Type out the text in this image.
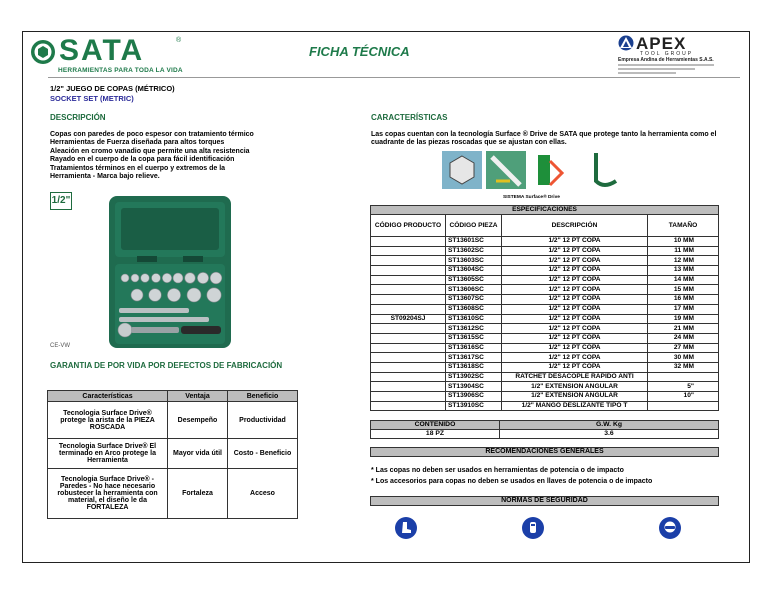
SATA	®
HERRAMIENTAS PARA TODA LA VIDA
FICHA TÉCNICA	APEX
TOOL GROUP
Empresa Andina de Herramientas S.A.S.
1/2" JUEGO DE COPAS (MÉTRICO)
SOCKET SET (METRIC)
DESCRIPCIÓN
Copas con paredes de poco espesor con tratamiento térmico
Herramientas de Fuerza diseñada para altos torques
Aleación en cromo vanadio que permite una alta resistencia
Rayado en el cuerpo de la copa para fácil identificación
Tratamientos términos en el cuerpo y extremos de la
Herramienta - Marca bajo relieve.
1/2"
CE-VW
GARANTIA DE POR VIDA POR DEFECTOS DE FABRICACIÓN
Características	Ventaja	Beneficio
Tecnologia Surface Drive® protege la arista de la PIEZA ROSCADA	Desempeño	Productividad
Tecnologia Surface Drive® El terminado en Arco protege la Herramienta	Mayor vida útil	Costo - Beneficio
Tecnologia Surface Drive® - Paredes - No hace necesario robustecer la herramienta con material, el diseño le da FORTALEZA	Fortaleza	Acceso
CARACTERÍSTICAS
Las copas cuentan con la tecnología Surface ® Drive de SATA que protege tanto la herramienta como el cuadrante de las piezas roscadas que se ajustan con ellas.
SISTEMA Surface® Drive
ESPECIFICACIONES			
CÓDIGO PRODUCTO	CÓDIGO PIEZA	DESCRIPCIÓN	TAMAÑO
	ST13601SC	1/2" 12 PT COPA	10 MM
	ST13602SC	1/2" 12 PT COPA	11 MM
	ST13603SC	1/2" 12 PT COPA	12 MM
	ST13604SC	1/2" 12 PT COPA	13 MM
	ST13605SC	1/2" 12 PT COPA	14 MM
	ST13606SC	1/2" 12 PT COPA	15 MM
	ST13607SC	1/2" 12 PT COPA	16 MM
	ST13608SC	1/2" 12 PT COPA	17 MM
ST09204SJ	ST13610SC	1/2" 12 PT COPA	19 MM
	ST13612SC	1/2" 12 PT COPA	21 MM
	ST13615SC	1/2" 12 PT COPA	24 MM
	ST13616SC	1/2" 12 PT COPA	27 MM
	ST13617SC	1/2" 12 PT COPA	30 MM
	ST13618SC	1/2" 12 PT COPA	32 MM
	ST13902SC	RATCHET DESACOPLE RAPIDO ANTI	
	ST13904SC	1/2" EXTENSION ANGULAR	5"
	ST13906SC	1/2" EXTENSION ANGULAR	10"
	ST13910SC	1/2" MANGO DESLIZANTE TIPO T	
CONTENIDO	G.W. Kg
18 PZ	3.6
RECOMENDACIONES GENERALES
* Las copas no deben ser usados en herramientas de potencia o de impacto
* Los accesorios para copas no deben se usados en llaves de potencia o de impacto
NORMAS DE SEGURIDAD
